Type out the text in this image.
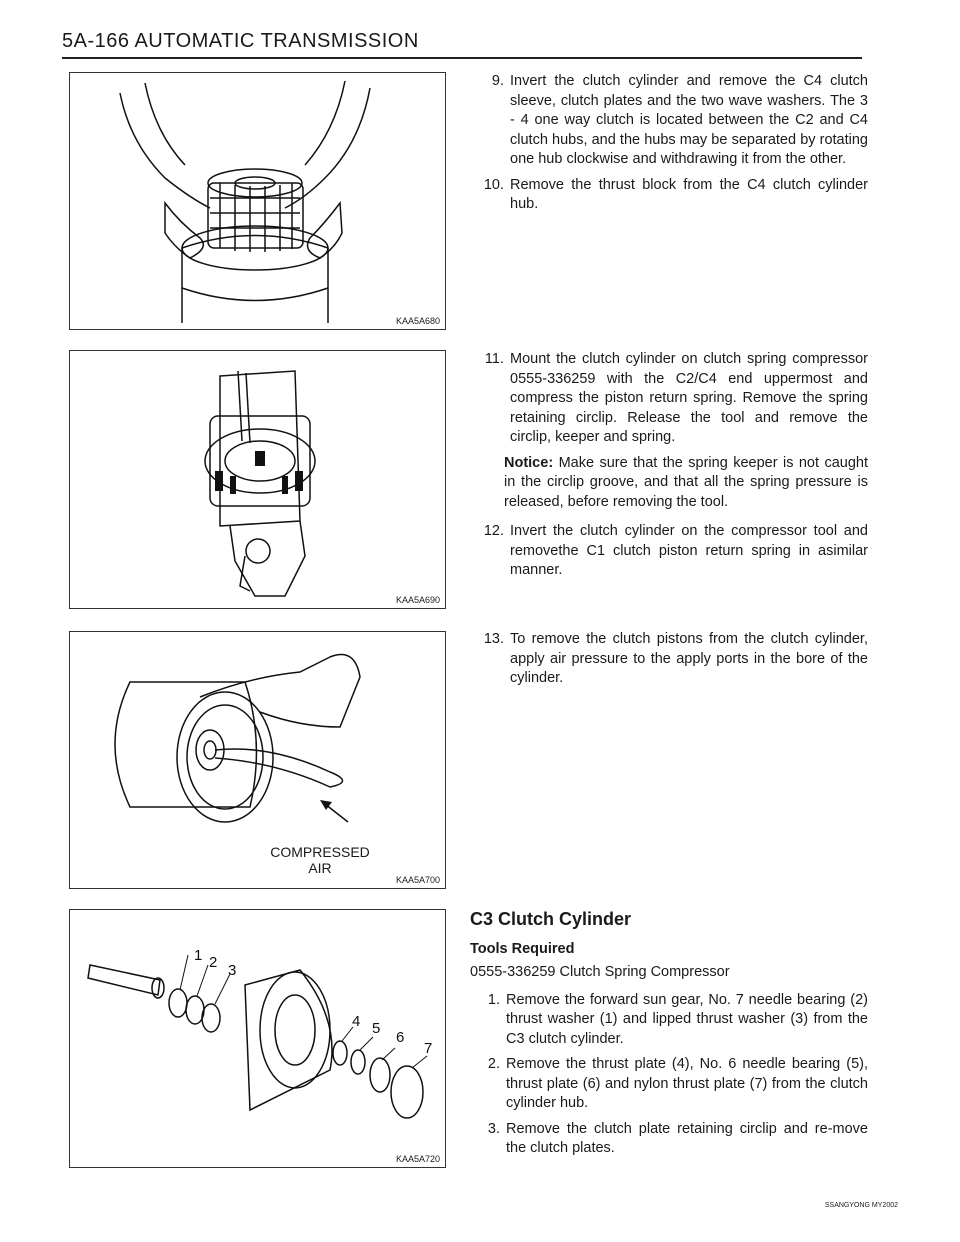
5A-166 AUTOMATIC TRANSMISSION
KAA5A680
KAA5A690
COMPRESSED
AIR
KAA5A700
1 2 3
4 5
6
7
KAA5A720
9. Invert the clutch cylinder and remove the C4 clutch sleeve, clutch plates and the two wave washers. The 3 - 4 one way clutch is located between the C2 and C4 clutch hubs, and the hubs may be separated by rotating one hub clockwise and withdrawing it from the other.
10. Remove the thrust block from the C4 clutch cylinder hub.
11. Mount the clutch cylinder on clutch spring compressor 0555-336259 with the C2/C4 end uppermost and compress the piston return spring. Remove the spring retaining circlip. Release the tool and remove the circlip, keeper and spring.
Notice: Make sure that the spring keeper is not caught in the circlip groove, and that all the spring pressure is released, before removing the tool.
12. Invert the clutch cylinder on the compressor tool and removethe C1 clutch piston return spring in asimilar manner.
13. To remove the clutch pistons from the clutch cylinder, apply air pressure to the apply ports in the bore of the cylinder.
C3 Clutch Cylinder
Tools Required
0555-336259 Clutch Spring Compressor
1. Remove the forward sun gear, No. 7 needle bearing (2) thrust washer (1) and lipped thrust washer (3) from the C3 clutch cylinder.
2. Remove the thrust plate (4), No. 6 needle bearing (5), thrust plate (6) and nylon thrust plate (7) from the clutch cylinder hub.
3. Remove the clutch plate retaining circlip and re-move the clutch plates.
SSANGYONG MY2002
